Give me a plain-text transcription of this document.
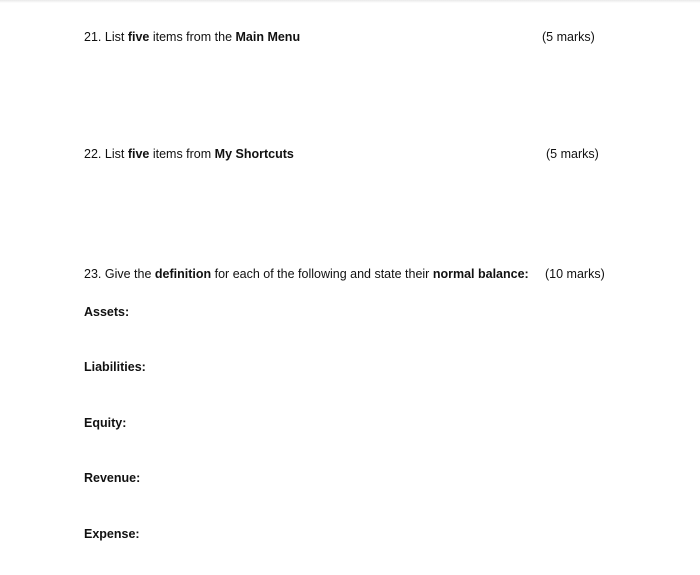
21. List five items from the Main Menu	(5 marks)
22. List five items from My Shortcuts	(5 marks)
23. Give the definition for each of the following and state their normal balance: (10 marks)
Assets:
Liabilities:
Equity:
Revenue:
Expense:
